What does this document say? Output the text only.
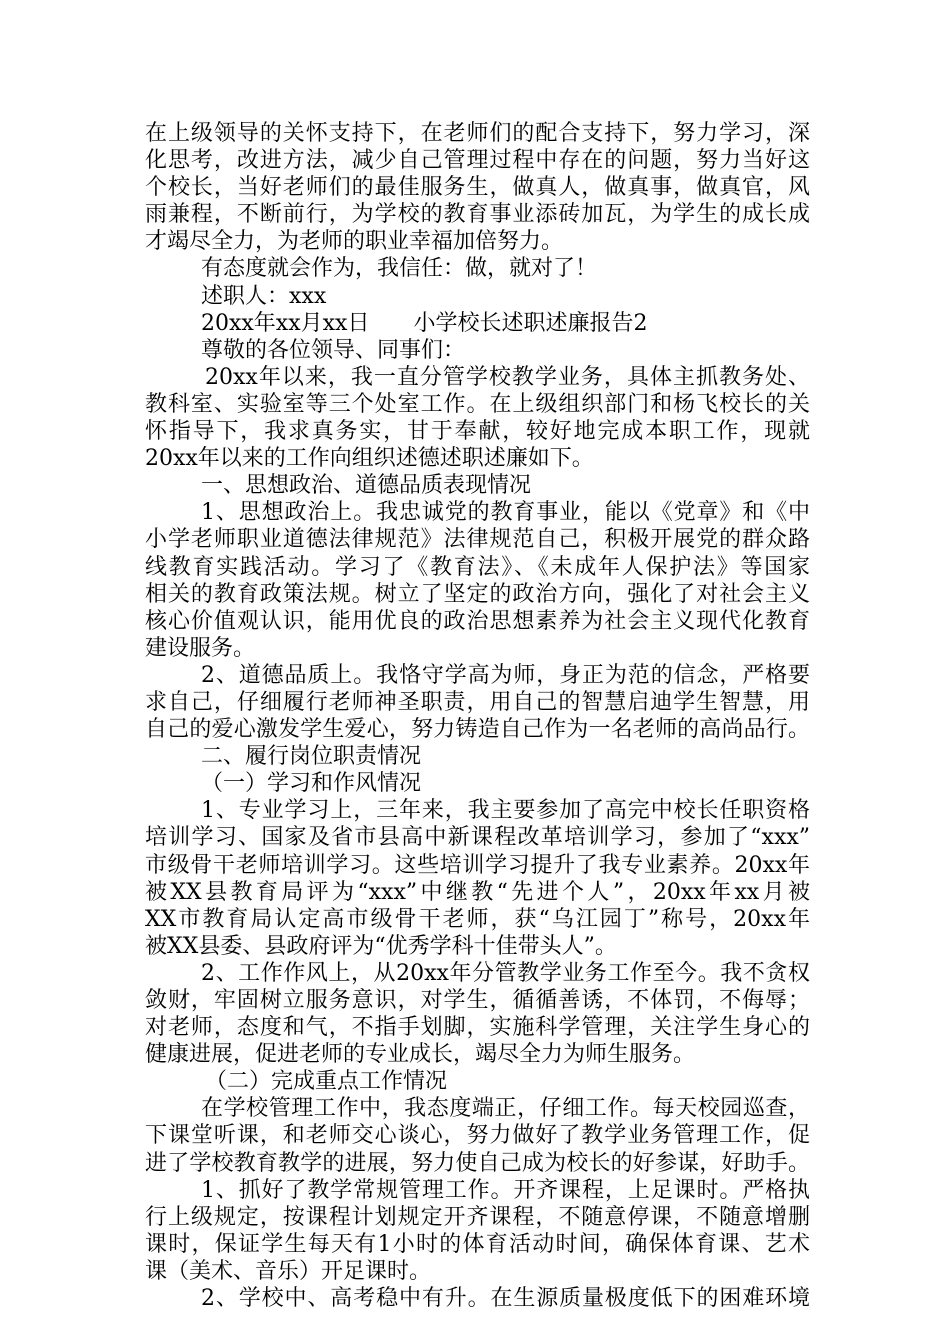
在上级领导的关怀支持下，在老师们的配合支持下，努力学习，深
化思考，改进方法，减少自己管理过程中存在的问题，努力当好这
个校长，当好老师们的最佳服务生，做真人，做真事，做真官，风
雨兼程，不断前行，为学校的教育事业添砖加瓦，为学生的成长成
才竭尽全力，为老师的职业幸福加倍努力。
有态度就会作为，我信任：做，就对了！
述职人：xxx
20xx年xx月xx日　　小学校长述职述廉报告2
尊敬的各位领导、同事们：
20xx年以来，我一直分管学校教学业务，具体主抓教务处、
教科室、实验室等三个处室工作。在上级组织部门和杨飞校长的关
怀指导下，我求真务实，甘于奉献，较好地完成本职工作，现就
20xx年以来的工作向组织述德述职述廉如下。
一、思想政治、道德品质表现情况
1、思想政治上。我忠诚党的教育事业，能以《党章》和《中
小学老师职业道德法律规范》法律规范自己，积极开展党的群众路
线教育实践活动。学习了《教育法》、《未成年人保护法》等国家
相关的教育政策法规。树立了坚定的政治方向，强化了对社会主义
核心价值观认识，能用优良的政治思想素养为社会主义现代化教育
建设服务。
2、道德品质上。我恪守学高为师，身正为范的信念，严格要
求自己，仔细履行老师神圣职责，用自己的智慧启迪学生智慧，用
自己的爱心激发学生爱心，努力铸造自己作为一名老师的高尚品行。
二、履行岗位职责情况
（一）学习和作风情况
1、专业学习上，三年来，我主要参加了高完中校长任职资格
培训学习、国家及省市县高中新课程改革培训学习，参加了“xxx”
市级骨干老师培训学习。这些培训学习提升了我专业素养。20xx年
被XX县教育局评为“xxx”中继教“先进个人”，20xx年xx月被
XX市教育局认定高市级骨干老师，获“乌江园丁”称号，20xx年
被XX县委、县政府评为“优秀学科十佳带头人”。
2、工作作风上，从20xx年分管教学业务工作至今。我不贪权
敛财，牢固树立服务意识，对学生，循循善诱，不体罚，不侮辱；
对老师，态度和气，不指手划脚，实施科学管理，关注学生身心的
健康进展，促进老师的专业成长，竭尽全力为师生服务。
（二）完成重点工作情况
在学校管理工作中，我态度端正，仔细工作。每天校园巡查，
下课堂听课，和老师交心谈心，努力做好了教学业务管理工作，促
进了学校教育教学的进展，努力使自己成为校长的好参谋，好助手。
1、抓好了教学常规管理工作。开齐课程，上足课时。严格执
行上级规定，按课程计划规定开齐课程，不随意停课，不随意增删
课时，保证学生每天有1小时的体育活动时间，确保体育课、艺术
课（美术、音乐）开足课时。
2、学校中、高考稳中有升。在生源质量极度低下的困难环境
